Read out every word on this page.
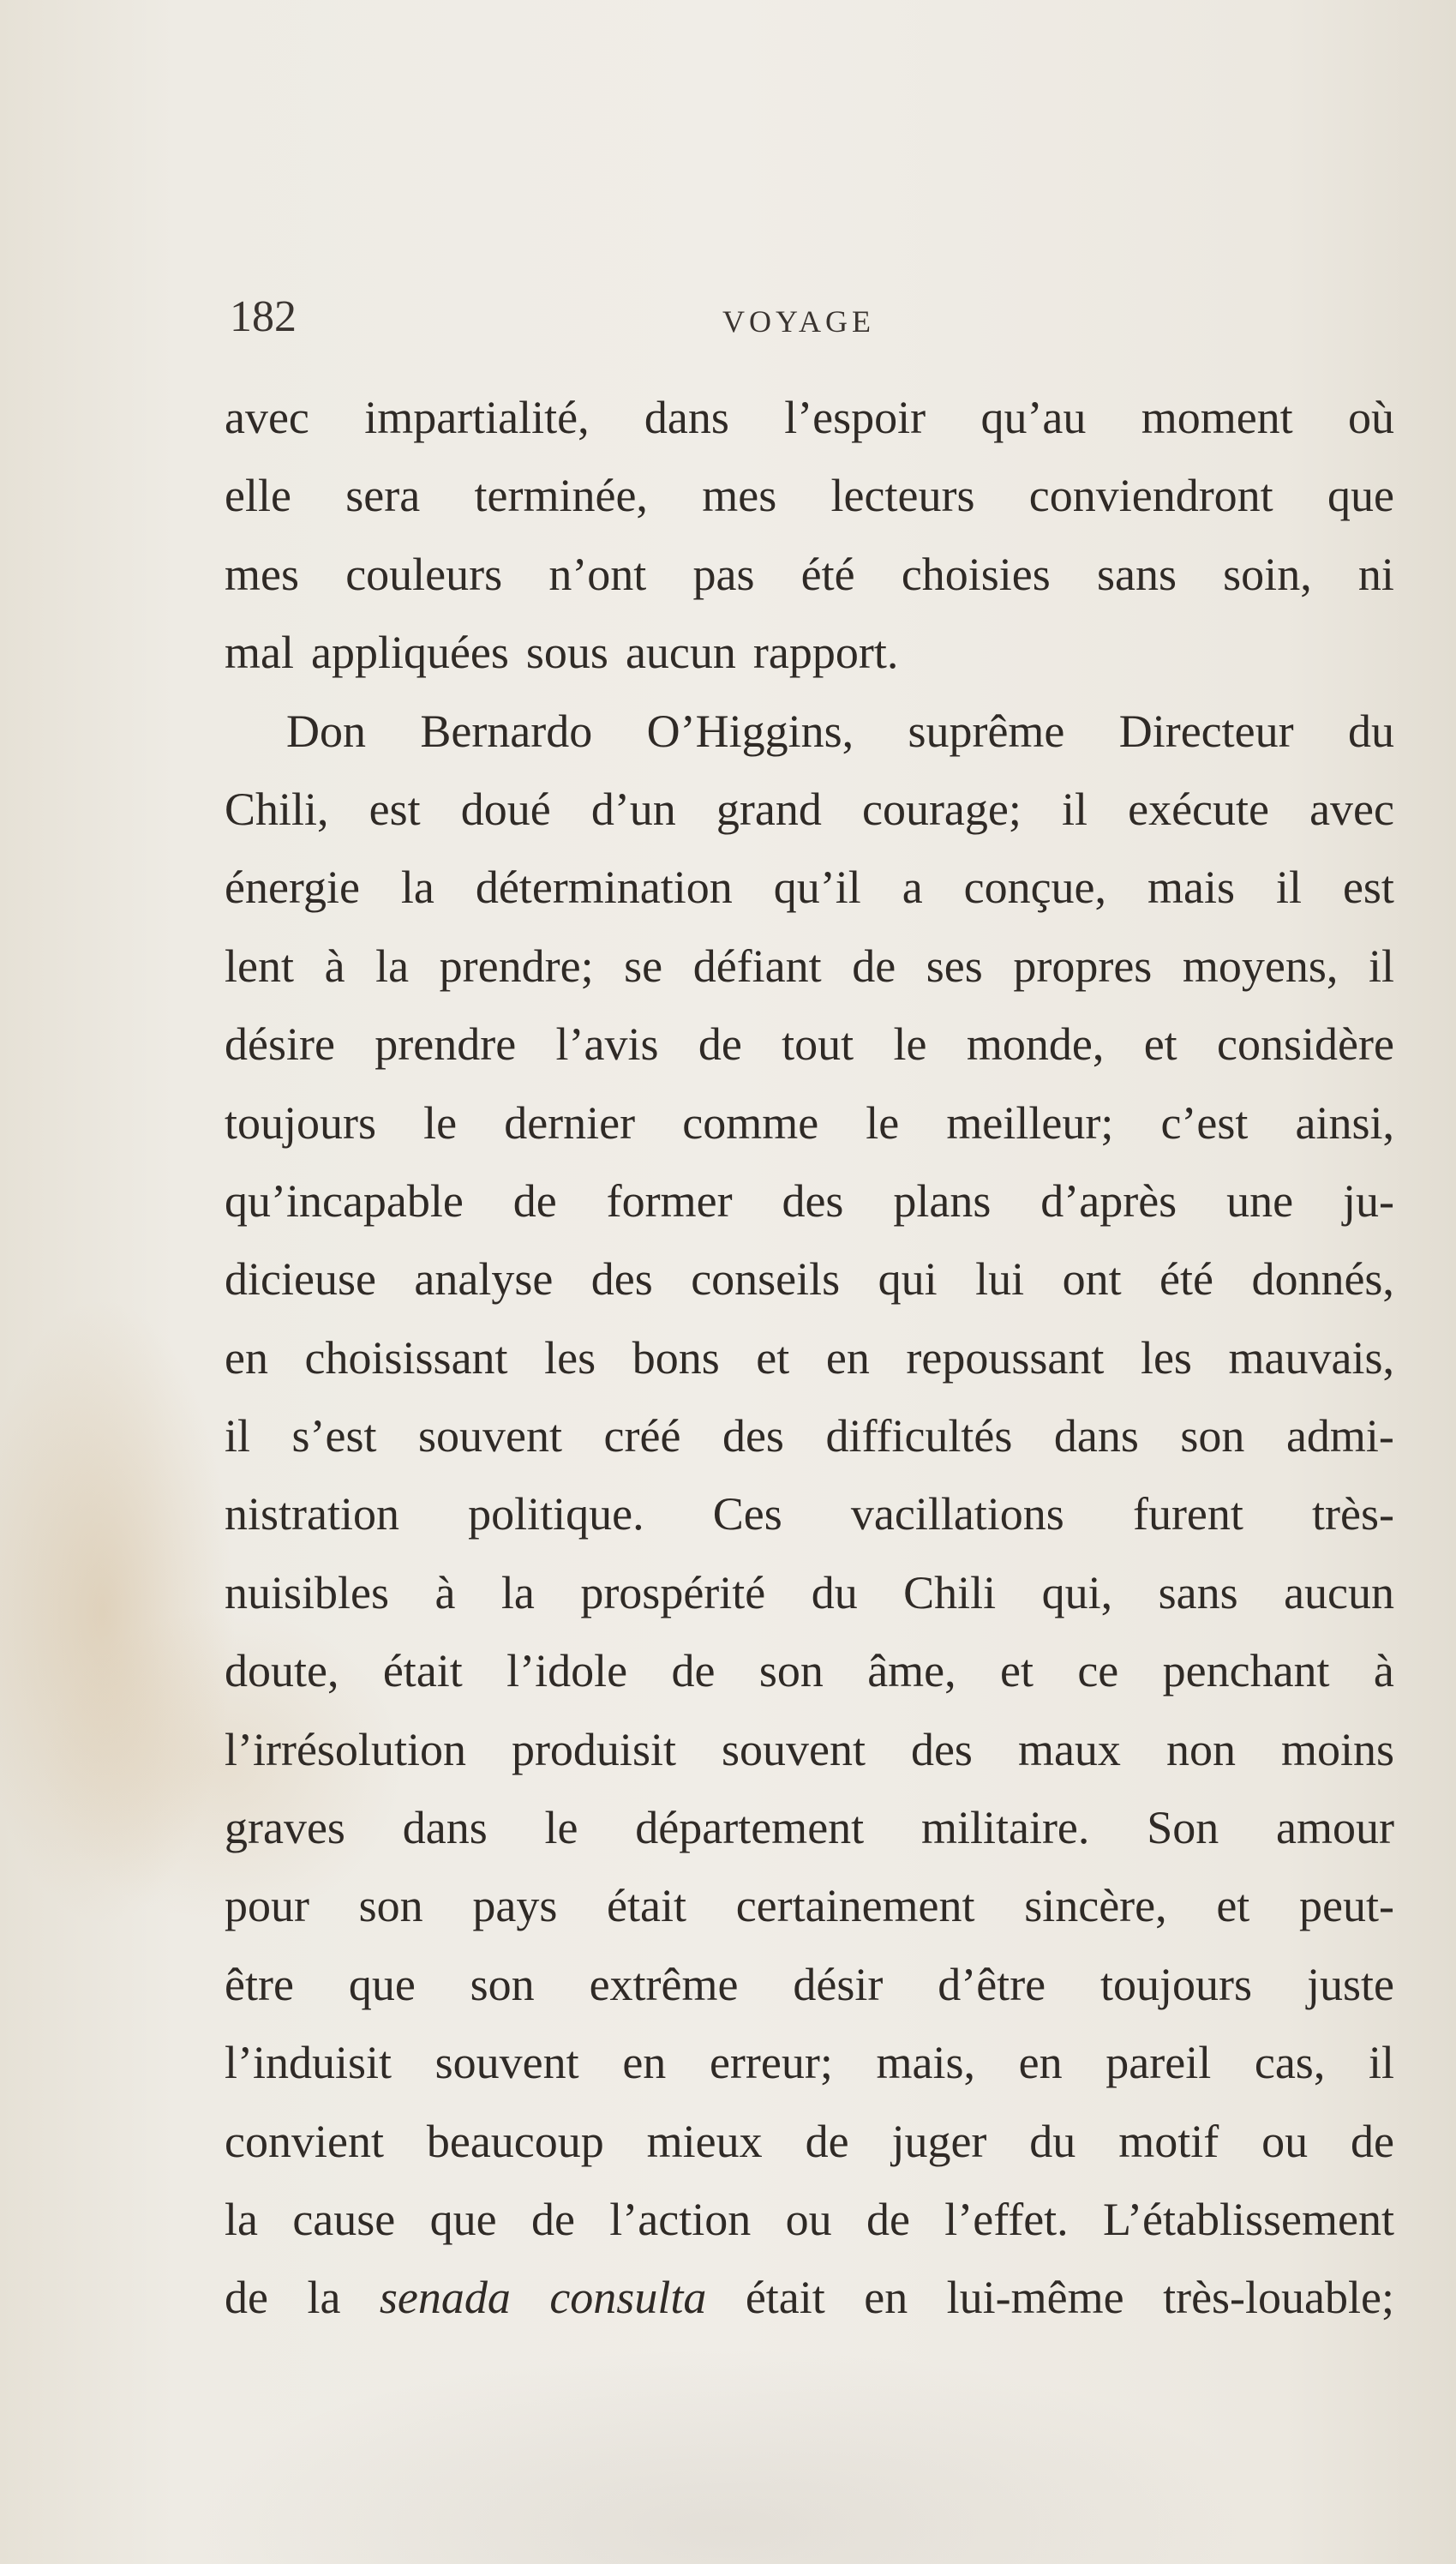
182	VOYAGE
avec impartialité, dans l’espoir qu’au moment où
elle sera terminée, mes lecteurs conviendront que
mes couleurs n’ont pas été choisies sans soin, ni
mal appliquées sous aucun rapport.
Don Bernardo O’Higgins, suprême Directeur du
Chili, est doué d’un grand courage; il exécute avec
énergie la détermination qu’il a conçue, mais il est
lent à la prendre; se défiant de ses propres moyens, il
désire prendre l’avis de tout le monde, et considère
toujours le dernier comme le meilleur; c’est ainsi,
qu’incapable de former des plans d’après une ju-
dicieuse analyse des conseils qui lui ont été donnés,
en choisissant les bons et en repoussant les mauvais,
il s’est souvent créé des difficultés dans son admi-
nistration politique. Ces vacillations furent très-
nuisibles à la prospérité du Chili qui, sans aucun
doute, était l’idole de son âme, et ce penchant à
l’irrésolution produisit souvent des maux non moins
graves dans le département militaire. Son amour
pour son pays était certainement sincère, et peut-
être que son extrême désir d’être toujours juste
l’induisit souvent en erreur; mais, en pareil cas, il
convient beaucoup mieux de juger du motif ou de
la cause que de l’action ou de l’effet. L’établissement
de la senada consulta était en lui-même très-louable;
